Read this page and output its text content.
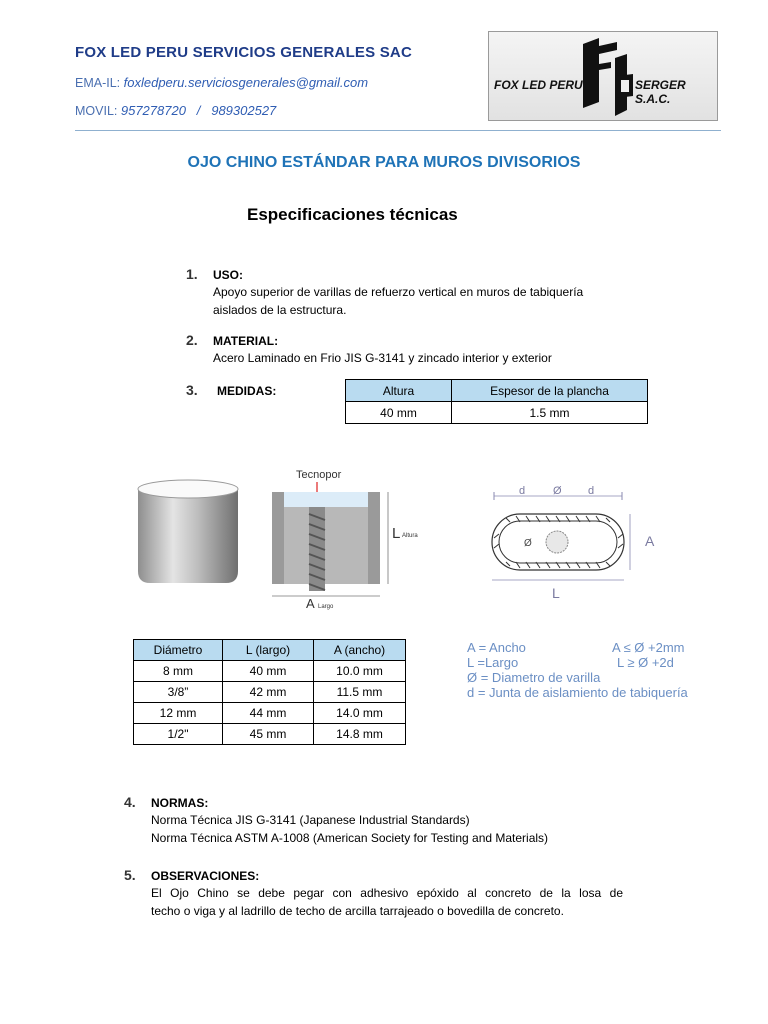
FOX LED PERU SERVICIOS GENERALES SAC
EMA-IL: foxledperu.serviciosgenerales@gmail.com
MOVIL: 957278720   /   989302527
FOX LED PERU	SERGER S.A.C.
OJO CHINO ESTÁNDAR PARA MUROS DIVISORIOS
Especificaciones técnicas
1. USO:
Apoyo superior de varillas de refuerzo vertical en muros de tabiquería
aislados de la estructura.
2. MATERIAL:
Acero Laminado en Frio JIS G-3141 y zincado interior y exterior
3. MEDIDAS:	Altura	Espesor de la plancha
40 mm	1.5 mm
Tecnopor
L Altura
A Largo
d	Ø d
Ø	A
L
Diámetro	L (largo)	A (ancho)
8 mm	40 mm	10.0 mm
3/8”	42 mm	11.5 mm
12 mm	44 mm	14.0 mm
1/2"	45 mm	14.8 mm
A = Ancho	A ≤ Ø +2mm
L =Largo	L ≥ Ø +2d
Ø = Diametro de varilla
d = Junta de aislamiento de tabiquería
4. NORMAS:
Norma Técnica JIS G-3141 (Japanese Industrial Standards)
Norma Técnica ASTM A-1008 (American Society for Testing and Materials)
5. OBSERVACIONES:
El Ojo Chino se debe pegar con adhesivo epóxido al concreto de la losa de
techo o viga y al ladrillo de techo de arcilla tarrajeado o bovedilla de concreto.
